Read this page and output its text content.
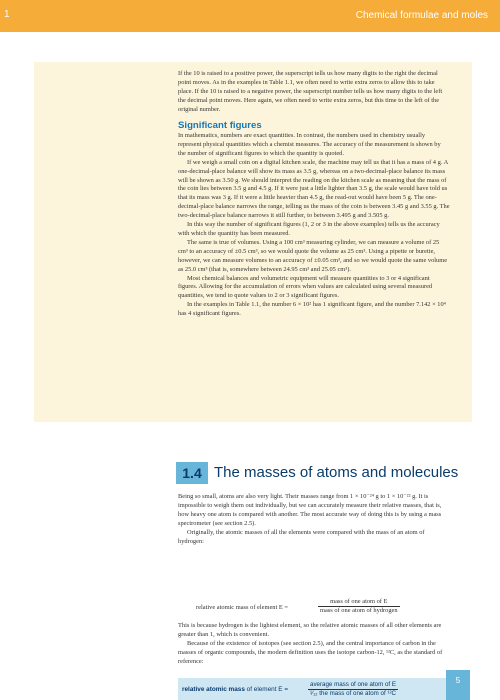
1	Chemical formulae and moles

If the 10 is raised to a positive power, the superscript tells us how many digits to the right the decimal point moves. As in the examples in Table 1.1, we often need to write extra zeros to allow this to take place. If the 10 is raised to a negative power, the superscript number tells us how many digits to the left the decimal point moves. Here again, we often need to write extra zeros, but this time to the left of the original number.

Significant figures

In mathematics, numbers are exact quantities. In contrast, the numbers used in chemistry usually represent physical quantities which a chemist measures. The accuracy of the measurement is shown by the number of significant figures to which the quantity is quoted.

If we weigh a small coin on a digital kitchen scale, the machine may tell us that it has a mass of 4 g. A one-decimal-place balance will show its mass as 3.5 g, whereas on a two-decimal-place balance its mass will be shown as 3.50 g. We should interpret the reading on the kitchen scale as meaning that the mass of the coin lies between 3.5 g and 4.5 g. If it were just a little lighter than 3.5 g, the scale would have told us that its mass was 3 g. If it were a little heavier than 4.5 g, the read-out would have been 5 g. The one-decimal-place balance narrows the range, telling us the mass of the coin is between 3.45 g and 3.55 g. The two-decimal-place balance narrows it still further, to between 3.495 g and 3.505 g.

In this way the number of significant figures (1, 2 or 3 in the above examples) tells us the accuracy with which the quantity has been measured.

The same is true of volumes. Using a 100 cm³ measuring cylinder, we can measure a volume of 25 cm³ to an accuracy of ±0.5 cm³, so we would quote the volume as 25 cm³. Using a pipette or burette, however, we can measure volumes to an accuracy of ±0.05 cm³, and so we would quote the same volume as 25.0 cm³ (that is, somewhere between 24.95 cm³ and 25.05 cm³).

Most chemical balances and volumetric equipment will measure quantities to 3 or 4 significant figures. Allowing for the accumulation of errors when values are calculated using several measured quantities, we tend to quote values to 2 or 3 significant figures.

In the examples in Table 1.1, the number 6 × 10² has 1 significant figure, and the number 7.142 × 10⁴ has 4 significant figures.

1.4 The masses of atoms and molecules

Being so small, atoms are also very light. Their masses range from 1 × 10⁻²⁴ g to 1 × 10⁻²² g. It is impossible to weigh them out individually, but we can accurately measure their relative masses, that is, how heavy one atom is compared with another. The most accurate way of doing this is by using a mass spectrometer (see section 2.5).

Originally, the atomic masses of all the elements were compared with the mass of an atom of hydrogen:

relative atomic mass of element E =
mass of one atom of E
mass of one atom of hydrogen

This is because hydrogen is the lightest element, so the relative atomic masses of all other elements are greater than 1, which is convenient.

Because of the existence of isotopes (see section 2.5), and the central importance of carbon in the masses of organic compounds, the modern definition uses the isotope carbon-12, ¹²C, as the standard of reference:

relative atomic mass of element E =
average mass of one atom of E
¹⁄₁₂ the mass of one atom of ¹²C
5
